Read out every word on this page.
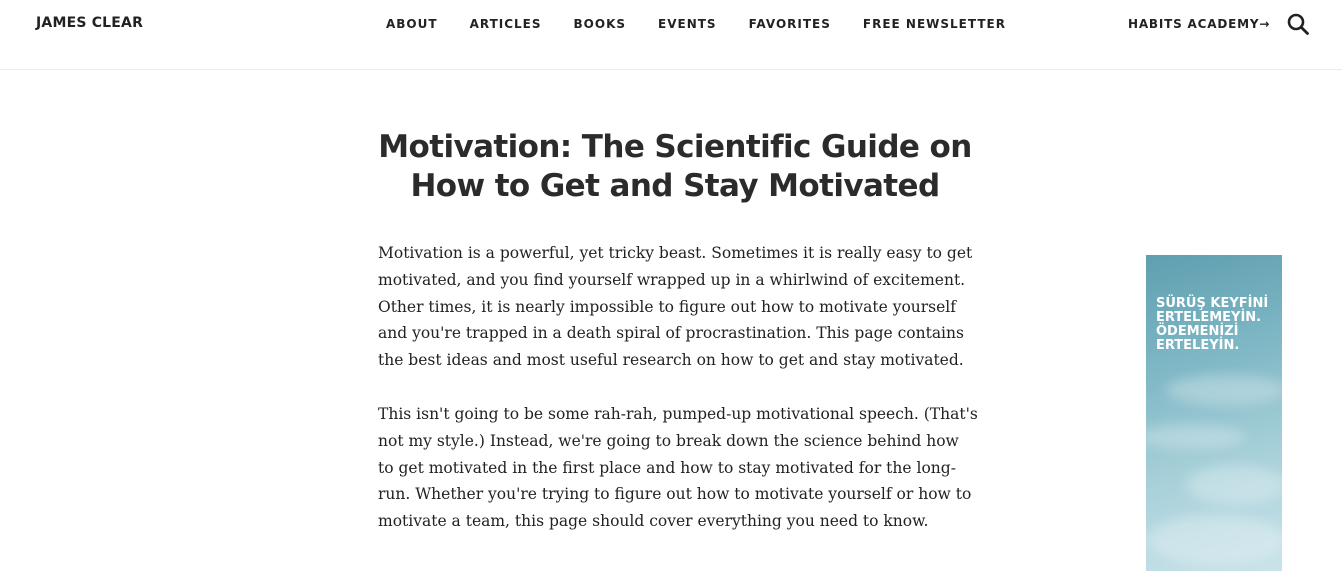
JAMES CLEAR	ABOUT	ARTICLES	BOOKS	EVENTS	FAVORITES	FREE NEWSLETTER	HABITS ACADEMY→
Motivation: The Scientific Guide on How to Get and Stay Motivated

Motivation is a powerful, yet tricky beast. Sometimes it is really easy to get motivated, and you find yourself wrapped up in a whirlwind of excitement. Other times, it is nearly impossible to figure out how to motivate yourself and you're trapped in a death spiral of procrastination. This page contains the best ideas and most useful research on how to get and stay motivated.

This isn't going to be some rah-rah, pumped-up motivational speech. (That's not my style.) Instead, we're going to break down the science behind how to get motivated in the first place and how to stay motivated for the long-run. Whether you're trying to figure out how to motivate yourself or how to motivate a team, this page should cover everything you need to know.

SÜRÜŞ KEYFİNİ
ERTELEMEYİN.
ÖDEMENİZİ
ERTELEYİN.
